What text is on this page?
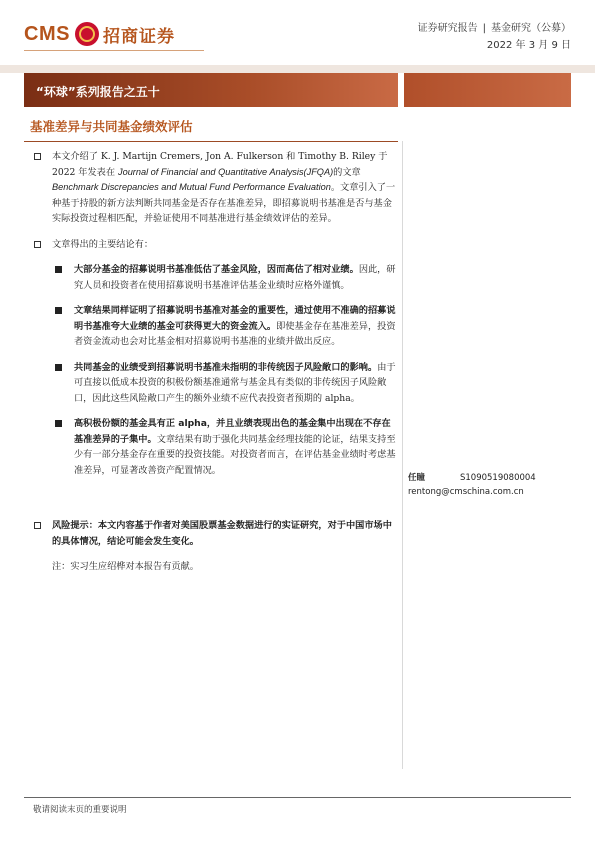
CMS 招商证券	证券研究报告 | 基金研究（公募）
2022 年 3 月 9 日
“环球”系列报告之五十
基准差异与共同基金绩效评估
本文介绍了 K. J. Martijn Cremers, Jon A. Fulkerson 和 Timothy B. Riley 于 2022 年发表在 Journal of Financial and Quantitative Analysis(JFQA)的文章 Benchmark Discrepancies and Mutual Fund Performance Evaluation。文章引入了一种基于持股的新方法判断共同基金是否存在基准差异，即招募说明书基准是否与基金实际投资过程相匹配，并验证使用不同基准进行基金绩效评估的差异。
文章得出的主要结论有：
大部分基金的招募说明书基准低估了基金风险，因而高估了相对业绩。因此，研究人员和投资者在使用招募说明书基准评估基金业绩时应格外谨慎。
文章结果同样证明了招募说明书基准对基金的重要性，通过使用不准确的招募说明书基准夸大业绩的基金可获得更大的资金流入。即使基金存在基准差异，投资者资金流动也会对比基金相对招募说明书基准的业绩并做出反应。
共同基金的业绩受到招募说明书基准未指明的非传统因子风险敞口的影响。由于可直接以低成本投资的积极份额基准通常与基金具有类似的非传统因子风险敞口，因此这些风险敞口产生的额外业绩不应代表投资者预期的 alpha。
高积极份额的基金具有正 alpha，并且业绩表现出色的基金集中出现在不存在基准差异的子集中。文章结果有助于强化共同基金经理技能的论证，结果支持至少有一部分基金存在重要的投资技能。对投资者而言，在评估基金业绩时考虑基准差异，可显著改善资产配置情况。
风险提示：本文内容基于作者对美国股票基金数据进行的实证研究，对于中国市场中的具体情况，结论可能会发生变化。
注：实习生应绍桦对本报告有贡献。
任瞳	S1090519080004
rentong@cmschina.com.cn
敬请阅读末页的重要说明
